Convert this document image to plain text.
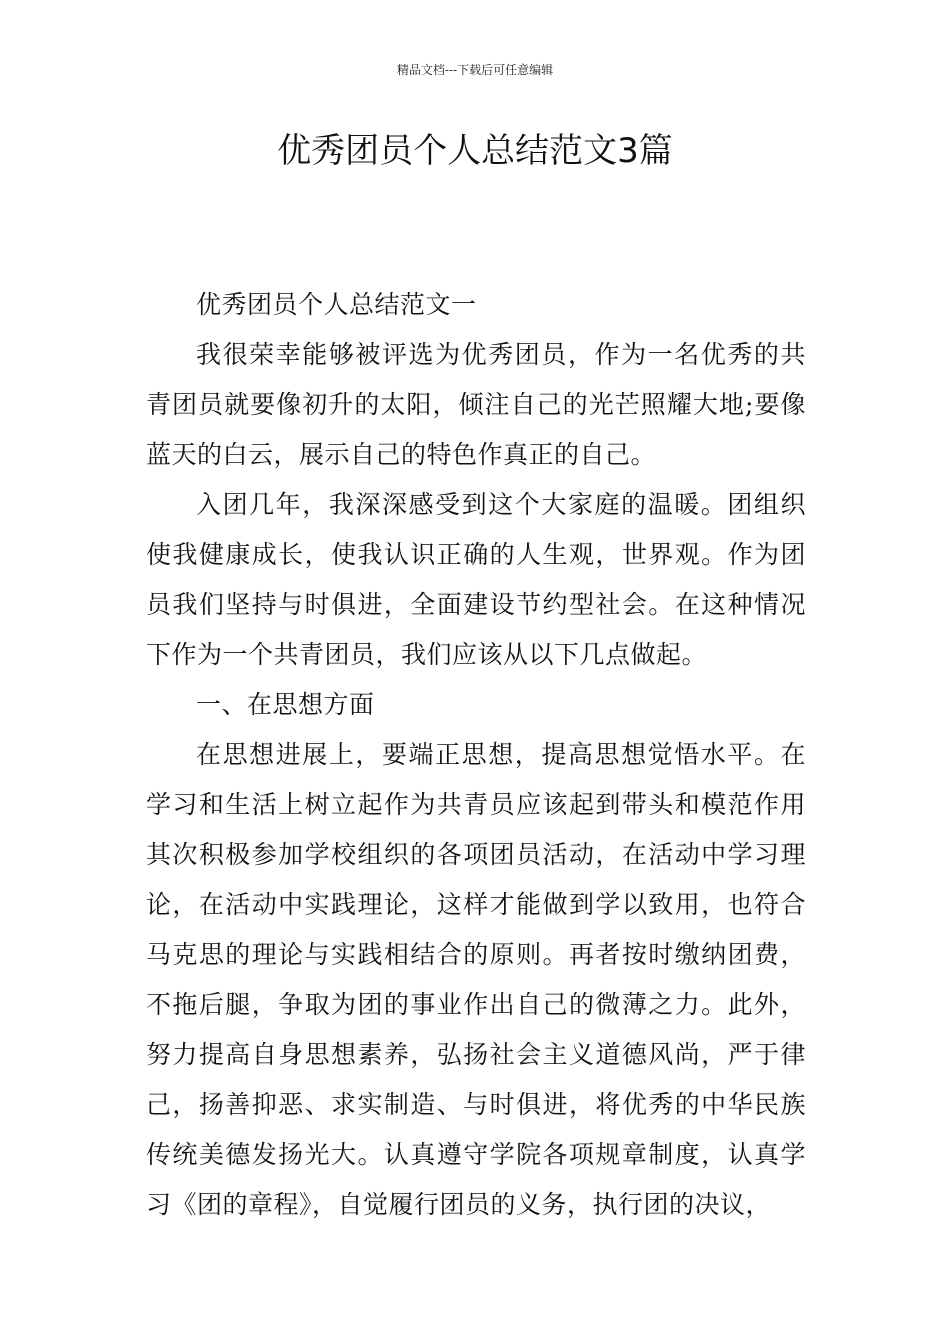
精品文档---下载后可任意编辑
优秀团员个人总结范文3篇

优秀团员个人总结范文一

我很荣幸能够被评选为优秀团员，作为一名优秀的共青团员就要像初升的太阳，倾注自己的光芒照耀大地;要像蓝天的白云，展示自己的特色作真正的自己。

入团几年，我深深感受到这个大家庭的温暖。团组织使我健康成长，使我认识正确的人生观，世界观。作为团员我们坚持与时俱进，全面建设节约型社会。在这种情况下作为一个共青团员，我们应该从以下几点做起。

一、在思想方面

在思想进展上，要端正思想，提高思想觉悟水平。在学习和生活上树立起作为共青员应该起到带头和模范作用其次积极参加学校组织的各项团员活动，在活动中学习理论，在活动中实践理论，这样才能做到学以致用，也符合马克思的理论与实践相结合的原则。再者按时缴纳团费，不拖后腿，争取为团的事业作出自己的微薄之力。此外，努力提高自身思想素养，弘扬社会主义道德风尚，严于律己，扬善抑恶、求实制造、与时俱进，将优秀的中华民族传统美德发扬光大。认真遵守学院各项规章制度，认真学习《团的章程》，自觉履行团员的义务，执行团的决议，
